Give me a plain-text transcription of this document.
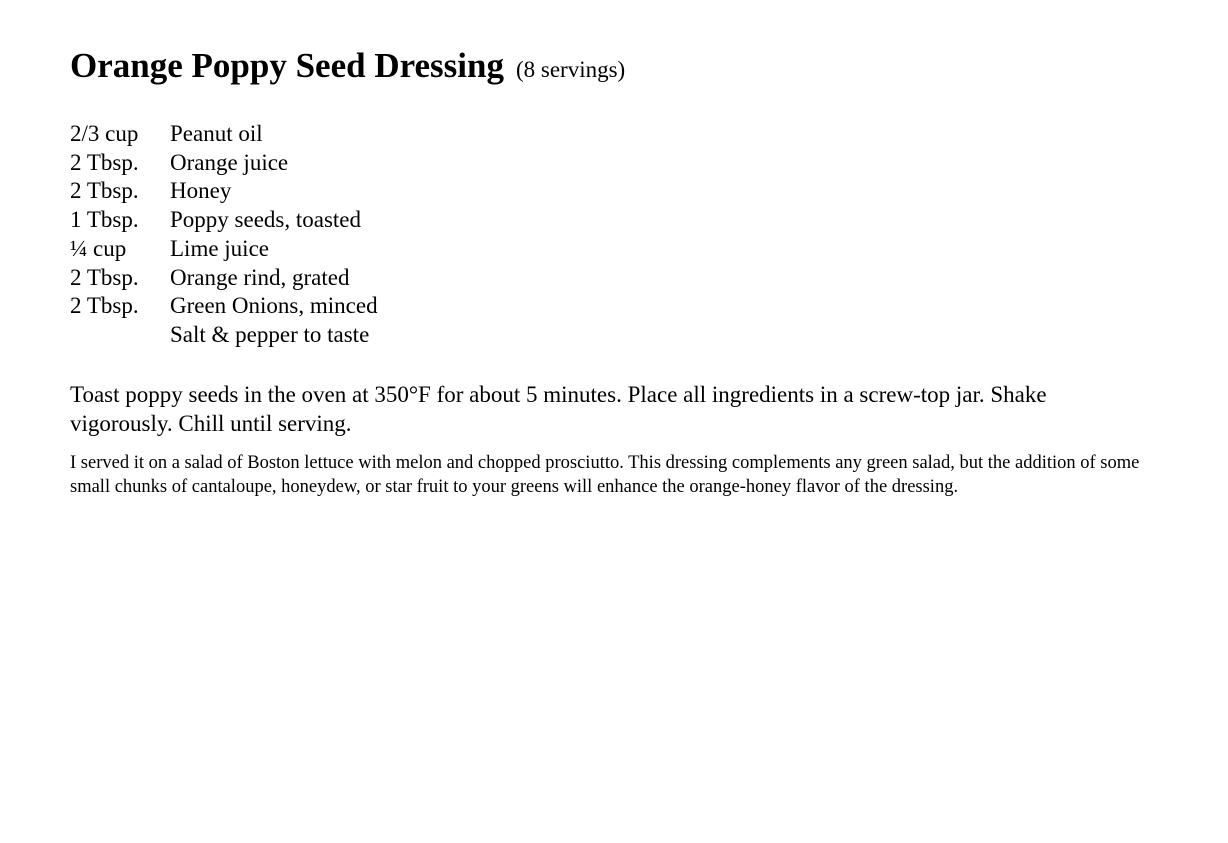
Orange Poppy Seed Dressing (8 servings)
2/3 cup	Peanut oil
2 Tbsp.	Orange juice
2 Tbsp.	Honey
1 Tbsp.	Poppy seeds, toasted
¼ cup	Lime juice
2 Tbsp.	Orange rind, grated
2 Tbsp.	Green Onions, minced
Salt & pepper to taste

Toast poppy seeds in the oven at 350°F for about 5 minutes. Place all ingredients in a screw-top jar. Shake vigorously. Chill until serving.

I served it on a salad of Boston lettuce with melon and chopped prosciutto. This dressing complements any green salad, but the addition of some small chunks of cantaloupe, honeydew, or star fruit to your greens will enhance the orange-honey flavor of the dressing.
